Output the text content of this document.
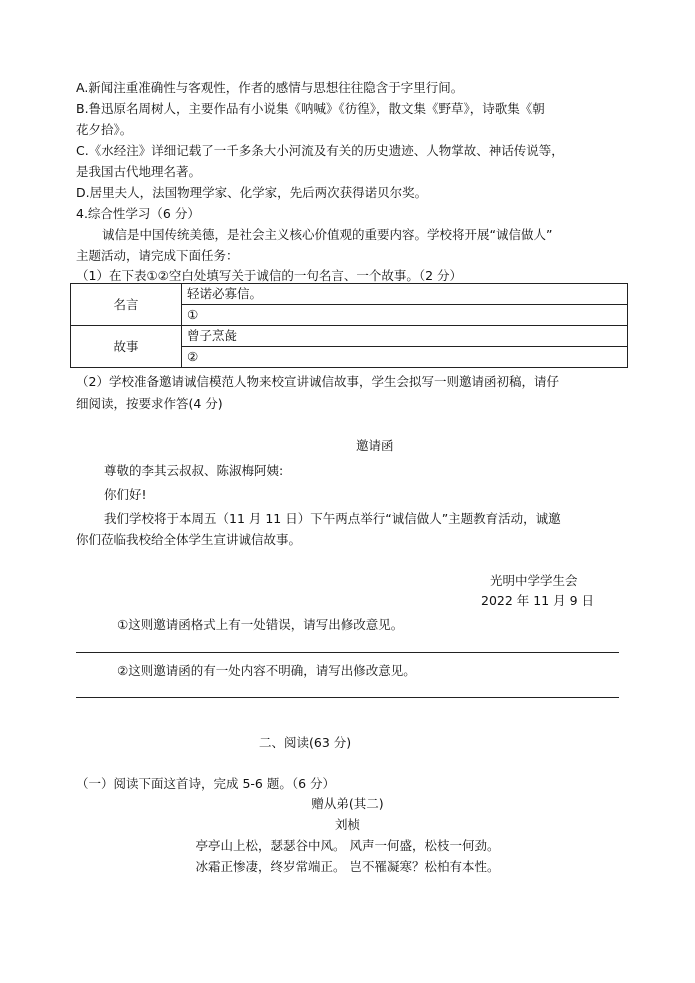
A.新闻注重准确性与客观性，作者的感情与思想往往隐含于字里行间。
B.鲁迅原名周树人，主要作品有小说集《呐喊》《彷徨》，散文集《野草》，诗歌集《朝
花夕拾》。
C.《水经注》详细记载了一千多条大小河流及有关的历史遗迹、人物掌故、神话传说等，
是我国古代地理名著。
D.居里夫人，法国物理学家、化学家，先后两次获得诺贝尔奖。
4.综合性学习（6 分）
诚信是中国传统美德，是社会主义核心价值观的重要内容。学校将开展“诚信做人”
主题活动，请完成下面任务：
（1）在下表①②空白处填写关于诚信的一句名言、一个故事。（2 分）
名言	轻诺必寡信。
	①
故事	曾子烹彘
	②
（2）学校准备邀请诚信模范人物来校宣讲诚信故事，学生会拟写一则邀请函初稿，请仔
细阅读，按要求作答(4 分)
邀请函
尊敬的李其云叔叔、陈淑梅阿姨:
你们好!
我们学校将于本周五（11 月 11 日）下午两点举行“诚信做人”主题教育活动，诚邀
你们莅临我校给全体学生宣讲诚信故事。
光明中学学生会
2022 年 11 月 9 日
①这则邀请函格式上有一处错误，请写出修改意见。
②这则邀请函的有一处内容不明确，请写出修改意见。
二、阅读(63 分)
（一）阅读下面这首诗，完成 5-6 题。（6 分）
赠从弟(其二)
刘桢
亭亭山上松，瑟瑟谷中风。 风声一何盛，松枝一何劲。
冰霜正惨凄，终岁常端正。 岂不罹凝寒？松柏有本性。
